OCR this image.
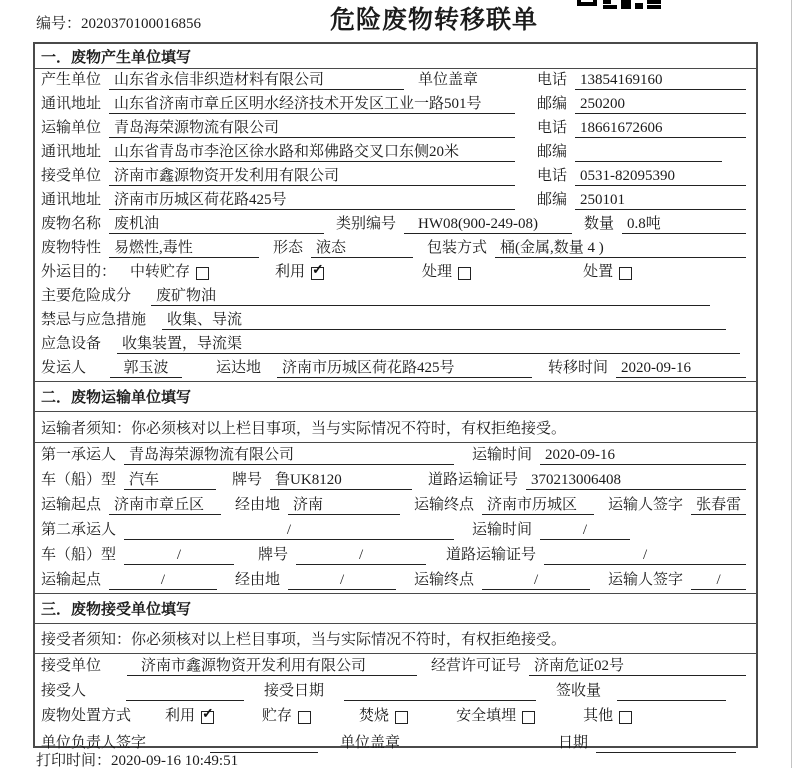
编号：2020370100016856	危险废物转移联单
一．废物产生单位填写
产生单位 山东省永信非织造材料有限公司	单位盖章	电话 13854169160
通讯地址 山东省济南市章丘区明水经济技术开发区工业一路501号	邮编 250200
运输单位 青岛海荣源物流有限公司	电话 18661672606
通讯地址 山东省青岛市李沧区徐水路和郑佛路交叉口东侧20米	邮编
接受单位 济南市鑫源物资开发利用有限公司	电话 0531-82095390
通讯地址 济南市历城区荷花路425号	邮编 250101
废物名称 废机油	类别编号	HW08(900-249-08)	数量 0.8吨
废物特性 易燃性,毒性	形态 液态	包装方式 桶(金属,数量 4 )
外运目的： 中转贮存	利用 ✓	处理	处置
主要危险成分	废矿物油
禁忌与应急措施	收集、导流
应急设备	收集装置，导流渠
发运人	郭玉波	运达地	济南市历城区荷花路425号	转移时间 2020-09-16
二．废物运输单位填写
运输者须知：你必须核对以上栏目事项，当与实际情况不符时，有权拒绝接受。
第一承运人 青岛海荣源物流有限公司	运输时间 2020-09-16
车（船）型 汽车	牌号 鲁UK8120	道路运输证号 370213006408
运输起点 济南市章丘区	经由地 济南	运输终点 济南市历城区	运输人签字 张春雷
第二承运人	/	运输时间	/
车（船）型	/	牌号	/	道路运输证号	/
运输起点	/	经由地	/	运输终点	/	运输人签字	/
三．废物接受单位填写
接受者须知：你必须核对以上栏目事项，当与实际情况不符时，有权拒绝接受。
接受单位	济南市鑫源物资开发利用有限公司	经营许可证号 济南危证02号
接受人	接受日期	签收量
废物处置方式 利用 ✓	贮存	焚烧	安全填埋	其他
单位负责人签字	单位盖章	日期
打印时间：2020-09-16 10:49:51
